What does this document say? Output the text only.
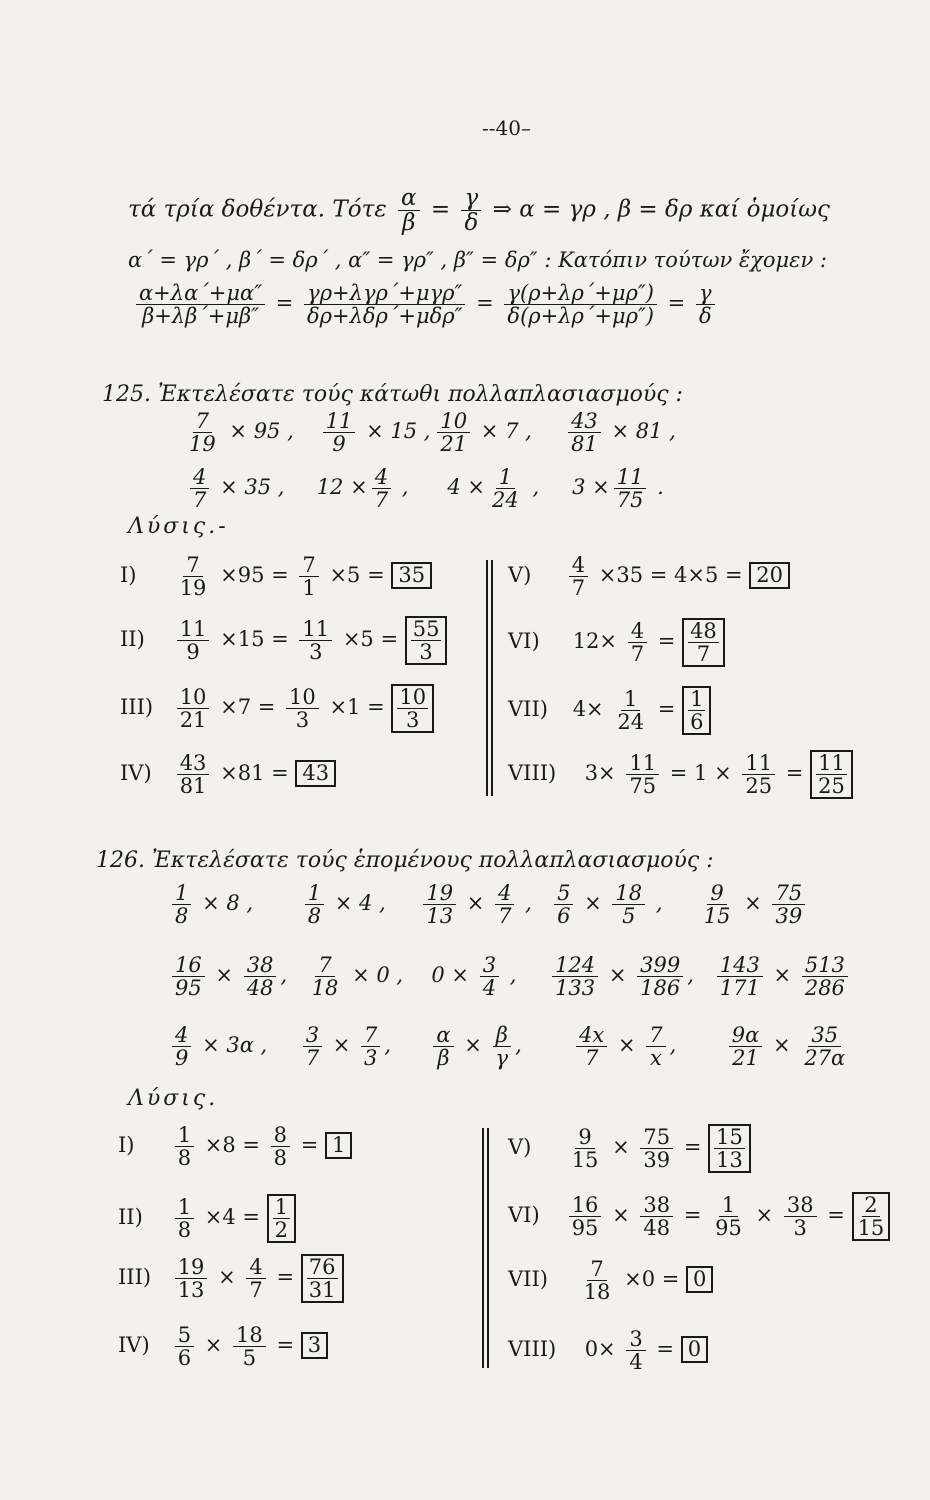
--40–
τά τρία δοθέντα. Τότε $\frac{\alpha}{\beta} = \frac{\gamma}{\delta}$ ⇒ α = γρ , β = δρ καί ὁμοίως
α΄ = γρ΄ , β΄ = δρ΄ , α″ = γρ″ , β″ = δρ″ : Κατόπιν τούτων ἔχομεν :
$\frac{\alpha+\lambda\alpha΄+\mu\alpha''}{\beta+\lambda\beta΄+\mu\beta''} = \frac{\text{γρ+λγρ΄+μγρ″}}{\text{δρ+λδρ΄+μδρ″}} = \frac{\gamma(\rho+\lambda\rho΄+\mu\rho'')}{\delta(\rho+\lambda\rho΄+\mu\rho'')} = \frac{\gamma}{\delta}$
125. Ἐκτελέσατε τούς κάτωθι πολλαπλασιασμούς :
$\frac{7}{19} \times 95$ , $\frac{11}{9} \times 15$ , $\frac{10}{21} \times 7$ , $\frac{43}{81} \times 81$ ,
$\frac{4}{7} \times 35$ , $12 \times \frac{4}{7}$ , $4 \times \frac{1}{24}$ , $3 \times \frac{11}{75}$ .
Λύσις.-
$I) \frac{7}{19} \times 95 = \frac{7}{1} \times 5 = 35$
$II) \frac{11}{9} \times 15 = \frac{11}{3} \times 5 = \frac{55}{3}$
$III) \frac{10}{21} \times 7 = \frac{10}{3} \times 1 = \frac{10}{3}$
$IV) \frac{43}{81} \times 81 = 43$
$V) \frac{4}{7} \times 35 = 4\times 5 = 20$
VI) $12\times \frac{4}{7} = \frac{48}{7}$
VII) $4\times \frac{1}{24} = \frac{1}{6}$
VIII) $3\times \frac{11}{75} = 1 \times \frac{11}{25} = \frac{11}{25}$
126. Ἐκτελέσατε τούς ἑπομένους πολλαπλασιασμούς :
$\frac{1}{8} \times 8$ , $\frac{1}{8} \times 4$ , $\frac{19}{13} \times \frac{4}{7}$ , $\frac{5}{6} \times \frac{18}{5}$ , $\frac{9}{15} \times \frac{75}{39}$
$\frac{16}{95} \times \frac{38}{48}$ , $\frac{7}{18} \times 0$ , $0 \times \frac{3}{4}$ , $\frac{124}{133} \times \frac{399}{186}$ , $\frac{143}{171} \times \frac{513}{286}$
$\frac{4}{9} \times 3\alpha$ , $\frac{3}{7} \times \frac{7}{3}$ , $\frac{\alpha}{\beta} \times \frac{\beta}{\gamma}$ ,	$\frac{4x}{7} \times \frac{7}{x}$ , $\frac{9\alpha}{21} \times \frac{35}{27\alpha}$
Λύσις.
$I) \frac{1}{8} \times 8 = \frac{8}{8} = 1$
$II) \frac{1}{8} \times 4 = \frac{1}{2}$
$III) \frac{19}{13} \times \frac{4}{7} = \frac{76}{31}$
$IV) \frac{5}{6} \times \frac{18}{5} = 3$
$V) \frac{9}{15} \times \frac{75}{39} = \frac{15}{13}$
$VI) \frac{16}{95} \times \frac{38}{48} = \frac{1}{95} \times \frac{38}{3} = \frac{2}{15}$
$VII) \frac{7}{18} \times 0 = 0$
VIII) $0\times \frac{3}{4} = 0$
